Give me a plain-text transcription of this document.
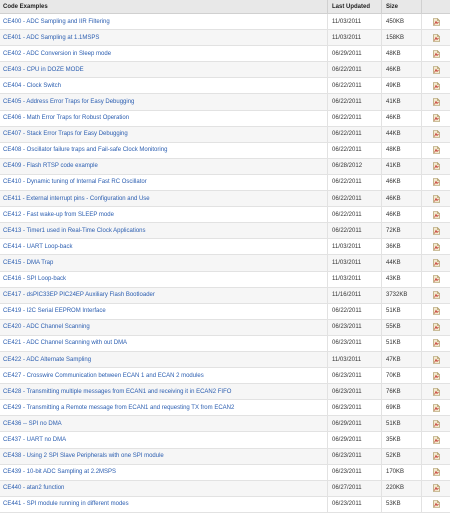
Code Examples	Last Updated	Size
CE400 - ADC Sampling and IIR Filtering	11/03/2011	450KB
CE401 - ADC Sampling at 1.1MSPS	11/03/2011	158KB
CE402 - ADC Conversion in Sleep mode	06/29/2011	48KB
CE403 - CPU in DOZE MODE	06/22/2011	46KB
CE404 - Clock Switch	06/22/2011	49KB
CE405 - Address Error Traps for Easy Debugging	06/22/2011	41KB
CE406 - Math Error Traps for Robust Operation	06/22/2011	46KB
CE407 - Stack Error Traps for Easy Debugging	06/22/2011	44KB
CE408 - Oscillator failure traps and Fail-safe Clock Monitoring	06/22/2011	48KB
CE409 - Flash RTSP code example	06/28/2012	41KB
CE410 - Dynamic tuning of Internal Fast RC Oscillator	06/22/2011	46KB
CE411 - External interrupt pins - Configuration and Use	06/22/2011	46KB
CE412 - Fast wake-up from SLEEP mode	06/22/2011	46KB
CE413 - Timer1 used in Real-Time Clock Applications	06/22/2011	72KB
CE414 - UART Loop-back	11/03/2011	36KB
CE415 - DMA Trap	11/03/2011	44KB
CE416 - SPI Loop-back	11/03/2011	43KB
CE417 - dsPIC33EP PIC24EP Auxiliary Flash Bootloader	11/16/2011	3732KB
CE419 - I2C Serial EEPROM Interface	06/22/2011	51KB
CE420 - ADC Channel Scanning	06/23/2011	55KB
CE421 - ADC Channel Scanning with out DMA	06/23/2011	51KB
CE422 - ADC Alternate Sampling	11/03/2011	47KB
CE427 - Crosswire Communication between ECAN 1 and ECAN 2 modules	06/23/2011	70KB
CE428 - Transmitting multiple messages from ECAN1 and receiving it in ECAN2 FIFO	06/23/2011	76KB
CE429 - Transmitting a Remote message from ECAN1 and requesting TX from ECAN2	06/23/2011	69KB
CE436 -- SPI no DMA	06/29/2011	51KB
CE437 - UART no DMA	06/29/2011	35KB
CE438 - Using 2 SPI Slave Peripherals with one SPI module	06/23/2011	52KB
CE439 - 10-bit ADC Sampling at 2.2MSPS	06/23/2011	170KB
CE440 - atan2 function	06/27/2011	220KB
CE441 - SPI module running in different modes	06/23/2011	53KB
